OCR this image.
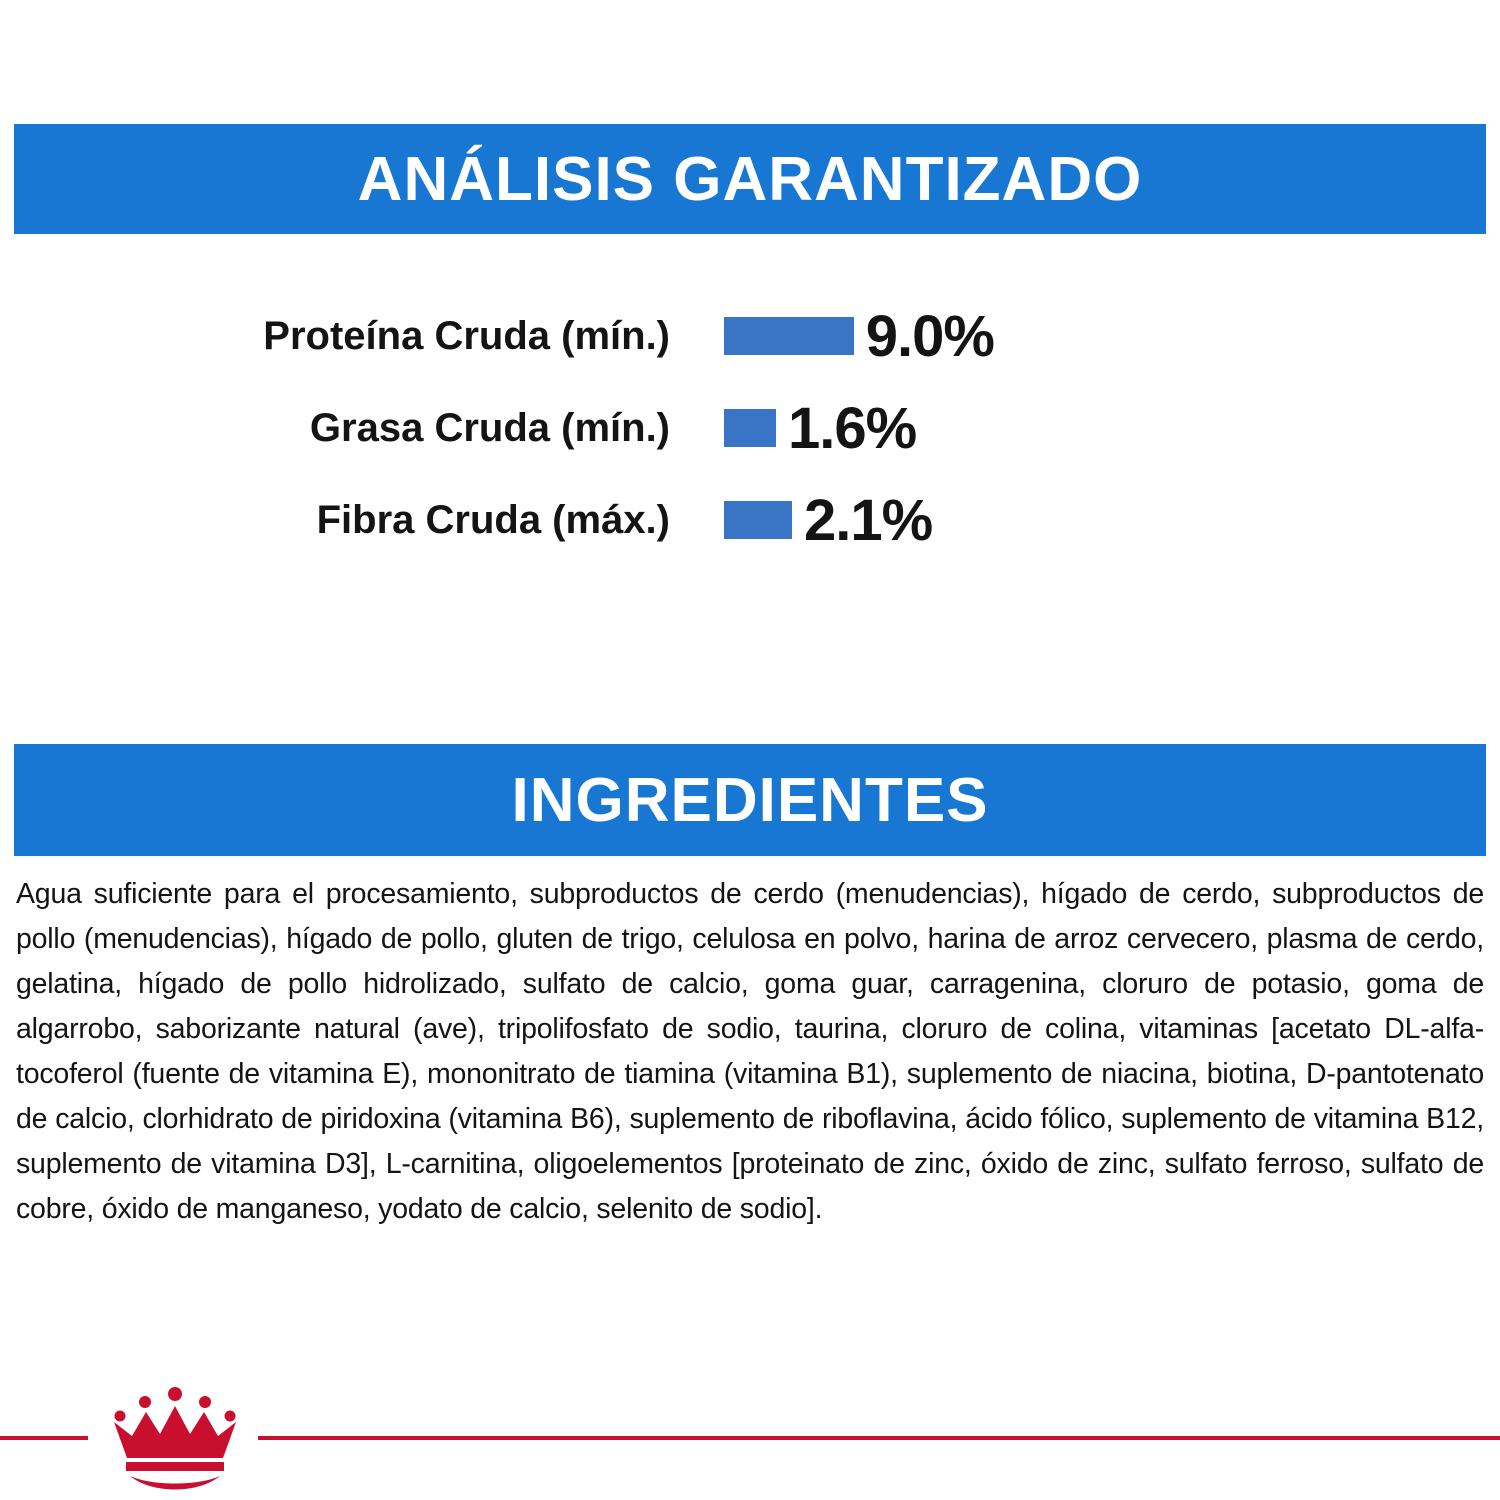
ANÁLISIS GARANTIZADO
Proteína Cruda (mín.)	9.0%
Grasa Cruda (mín.)	1.6%
Fibra Cruda (máx.)	2.1%
INGREDIENTES
Agua suficiente para el procesamiento, subproductos de cerdo (menudencias), hígado de cerdo, subproductos de pollo (menudencias), hígado de pollo, gluten de trigo, celulosa en polvo, harina de arroz cervecero, plasma de cerdo, gelatina, hígado de pollo hidrolizado, sulfato de calcio, goma guar, carragenina, cloruro de potasio, goma de algarrobo, saborizante natural (ave), tripolifosfato de sodio, taurina, cloruro de colina, vitaminas [acetato DL-alfa-tocoferol (fuente de vitamina E), mononitrato de tiamina (vitamina B1), suplemento de niacina, biotina, D-pantotenato de calcio, clorhidrato de piridoxina (vitamina B6), suplemento de riboflavina, ácido fólico, suplemento de vitamina B12, suplemento de vitamina D3], L-carnitina, oligoelementos [proteinato de zinc, óxido de zinc, sulfato ferroso, sulfato de cobre, óxido de manganeso, yodato de calcio, selenito de sodio].
